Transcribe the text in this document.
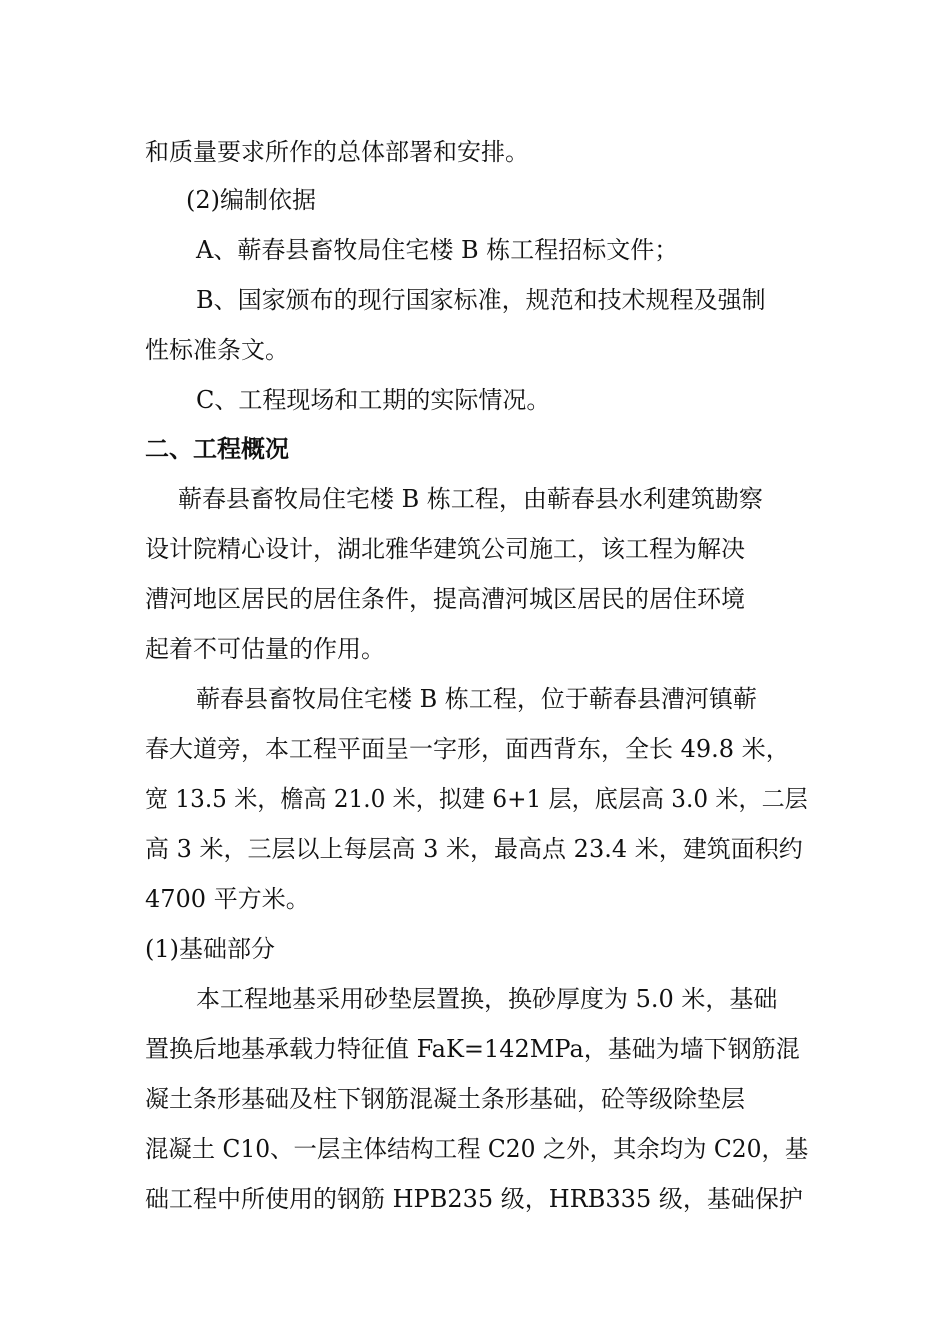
和质量要求所作的总体部署和安排。
(2)编制依据
A、蕲春县畜牧局住宅楼 B 栋工程招标文件；
B、国家颁布的现行国家标准，规范和技术规程及强制
性标准条文。
C、工程现场和工期的实际情况。
二、工程概况
蕲春县畜牧局住宅楼 B 栋工程，由蕲春县水利建筑勘察
设计院精心设计，湖北雅华建筑公司施工，该工程为解决
漕河地区居民的居住条件，提高漕河城区居民的居住环境
起着不可估量的作用。
蕲春县畜牧局住宅楼 B 栋工程，位于蕲春县漕河镇蕲
春大道旁，本工程平面呈一字形，面西背东，全长 49.8 米，
宽 13.5 米，檐高 21.0 米，拟建 6+1 层，底层高 3.0 米，二层
高 3 米，三层以上每层高 3 米，最高点 23.4 米，建筑面积约
4700 平方米。
(1)基础部分
本工程地基采用砂垫层置换，换砂厚度为 5.0 米，基础
置换后地基承载力特征值 FaK=142MPa，基础为墙下钢筋混
凝土条形基础及柱下钢筋混凝土条形基础，砼等级除垫层
混凝土 C10、一层主体结构工程 C20 之外，其余均为 C20，基
础工程中所使用的钢筋 HPB235 级，HRB335 级，基础保护
